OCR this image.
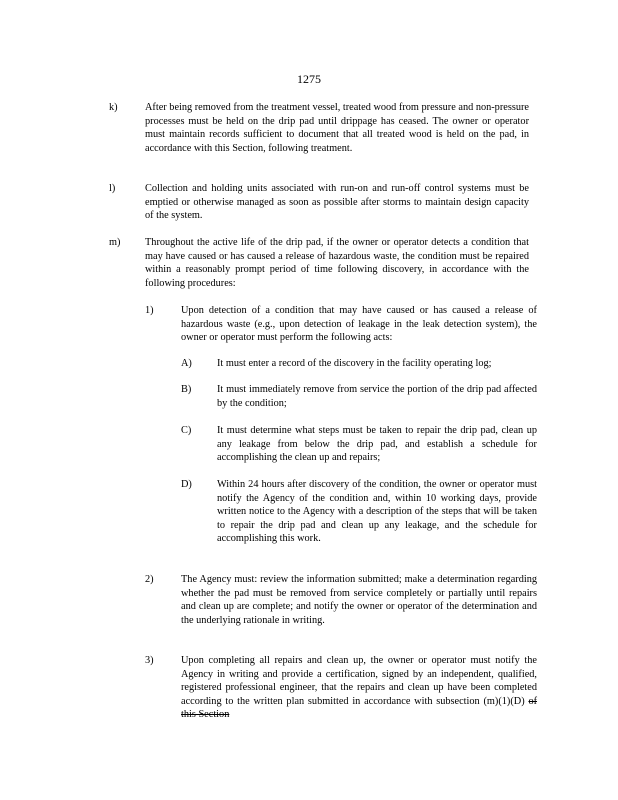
1275
k)	After being removed from the treatment vessel, treated wood from pressure and non-pressure processes must be held on the drip pad until drippage has ceased. The owner or operator must maintain records sufficient to document that all treated wood is held on the pad, in accordance with this Section, following treatment.
l)	Collection and holding units associated with run-on and run-off control systems must be emptied or otherwise managed as soon as possible after storms to maintain design capacity of the system.
m) Throughout the active life of the drip pad, if the owner or operator detects a condition that may have caused or has caused a release of hazardous waste, the condition must be repaired within a reasonably prompt period of time following discovery, in accordance with the following procedures:
1)	Upon detection of a condition that may have caused or has caused a release of hazardous waste (e.g., upon detection of leakage in the leak detection system), the owner or operator must perform the following acts:
A) It must enter a record of the discovery in the facility operating log;
B) It must immediately remove from service the portion of the drip pad affected by the condition;
C) It must determine what steps must be taken to repair the drip pad, clean up any leakage from below the drip pad, and establish a schedule for accomplishing the clean up and repairs;
D) Within 24 hours after discovery of the condition, the owner or operator must notify the Agency of the condition and, within 10 working days, provide written notice to the Agency with a description of the steps that will be taken to repair the drip pad and clean up any leakage, and the schedule for accomplishing this work.
2)	The Agency must: review the information submitted; make a determination regarding whether the pad must be removed from service completely or partially until repairs and clean up are complete; and notify the owner or operator of the determination and the underlying rationale in writing.
3)	Upon completing all repairs and clean up, the owner or operator must notify the Agency in writing and provide a certification, signed by an independent, qualified, registered professional engineer, that the repairs and clean up have been completed according to the written plan submitted in accordance with subsection (m)(1)(D) of this Section
